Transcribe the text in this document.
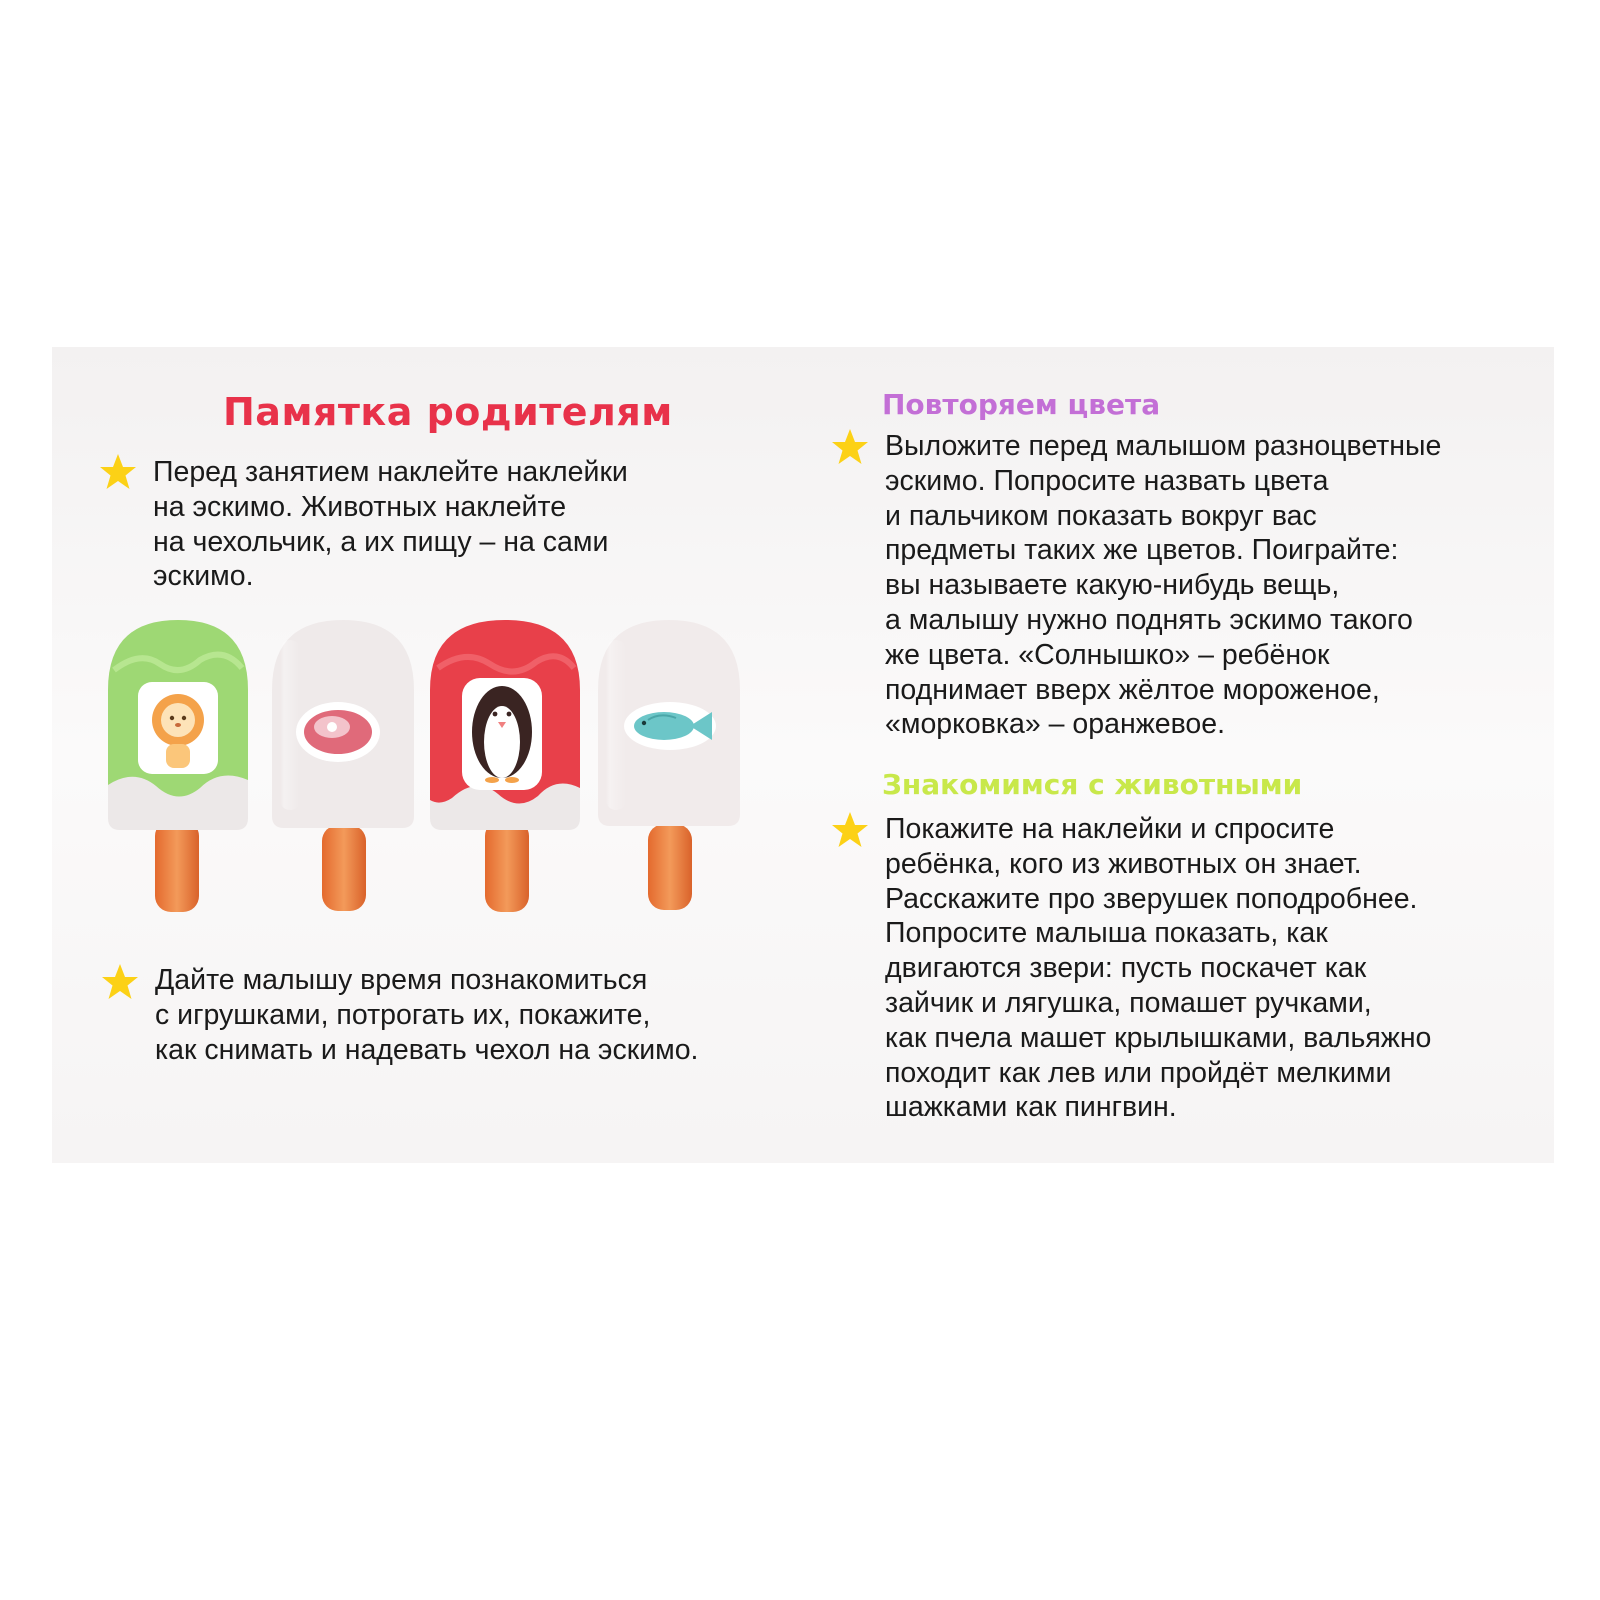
Памятка родителям

Перед занятием наклейте наклейки
на эскимо. Животных наклейте
на чехольчик, а их пищу – на сами
эскимо.

Дайте малышу время познакомиться
с игрушками, потрогать их, покажите,
как снимать и надевать чехол на эскимо.

Повторяем цвета

Выложите перед малышом разноцветные
эскимо. Попросите назвать цвета
и пальчиком показать вокруг вас
предметы таких же цветов. Поиграйте:
вы называете какую-нибудь вещь,
а малышу нужно поднять эскимо такого
же цвета. «Солнышко» – ребёнок
поднимает вверх жёлтое мороженое,
«морковка» – оранжевое.

Знакомимся с животными

Покажите на наклейки и спросите
ребёнка, кого из животных он знает.
Расскажите про зверушек поподробнее.
Попросите малыша показать, как
двигаются звери: пусть поскачет как
зайчик и лягушка, помашет ручками,
как пчела машет крылышками, вальяжно
походит как лев или пройдёт мелкими
шажками как пингвин.
